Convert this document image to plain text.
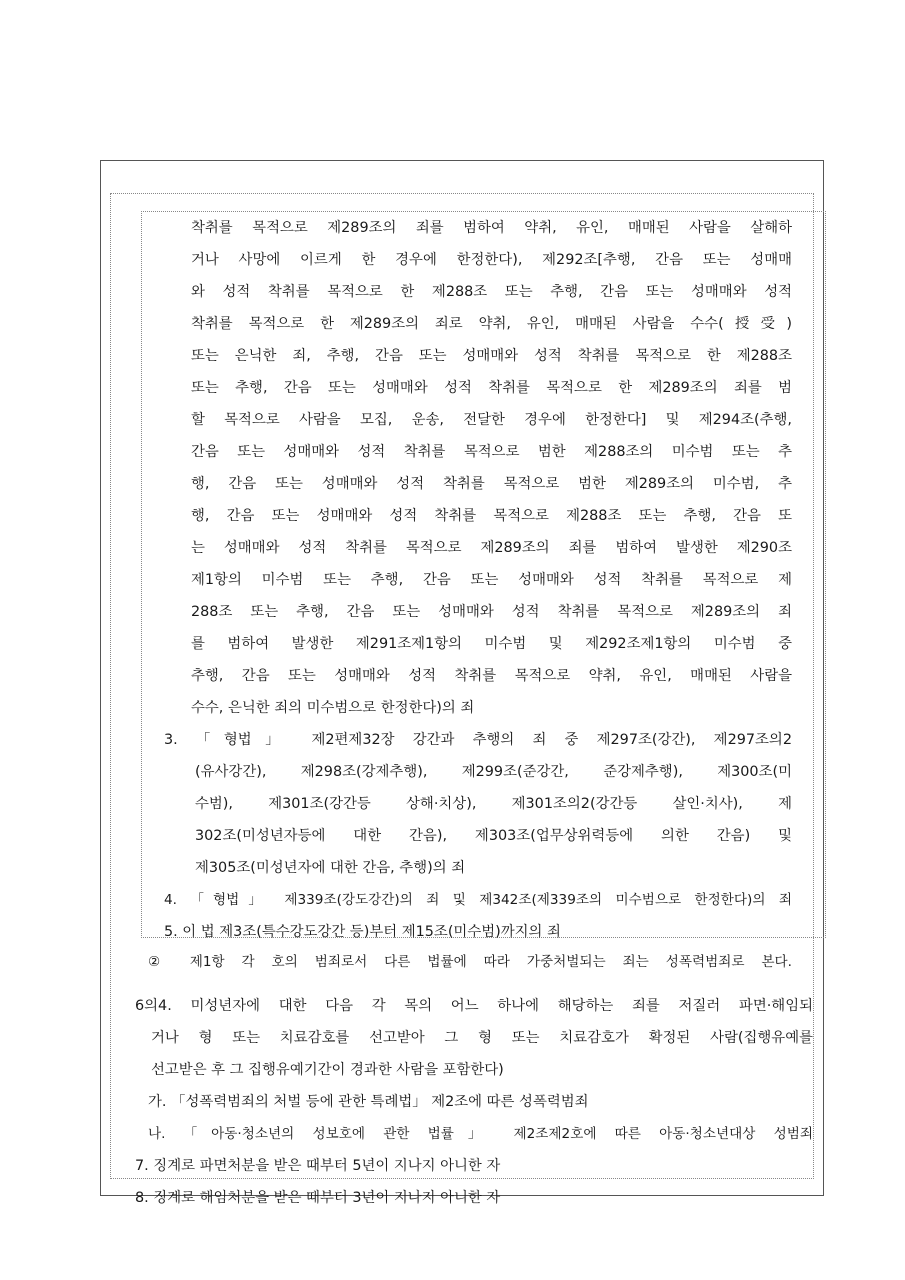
착취를 목적으로 제289조의 죄를 범하여 약취, 유인, 매매된 사람을 살해하
거나 사망에 이르게 한 경우에 한정한다), 제292조[추행, 간음 또는 성매매
와 성적 착취를 목적으로 한 제288조 또는 추행, 간음 또는 성매매와 성적
착취를 목적으로 한 제289조의 죄로 약취, 유인, 매매된 사람을 수수(授受)
또는 은닉한 죄, 추행, 간음 또는 성매매와 성적 착취를 목적으로 한 제288조
또는 추행, 간음 또는 성매매와 성적 착취를 목적으로 한 제289조의 죄를 범
할 목적으로 사람을 모집, 운송, 전달한 경우에 한정한다] 및 제294조(추행,
간음 또는 성매매와 성적 착취를 목적으로 범한 제288조의 미수범 또는 추
행, 간음 또는 성매매와 성적 착취를 목적으로 범한 제289조의 미수범, 추
행, 간음 또는 성매매와 성적 착취를 목적으로 제288조 또는 추행, 간음 또
는 성매매와 성적 착취를 목적으로 제289조의 죄를 범하여 발생한 제290조
제1항의 미수범 또는 추행, 간음 또는 성매매와 성적 착취를 목적으로 제
288조 또는 추행, 간음 또는 성매매와 성적 착취를 목적으로 제289조의 죄
를 범하여 발생한 제291조제1항의 미수범 및 제292조제1항의 미수범 중
추행, 간음 또는 성매매와 성적 착취를 목적으로 약취, 유인, 매매된 사람을
수수, 은닉한 죄의 미수범으로 한정한다)의 죄
3. 「형법」 제2편제32장 강간과 추행의 죄 중 제297조(강간), 제297조의2
(유사강간), 제298조(강제추행), 제299조(준강간, 준강제추행), 제300조(미
수범), 제301조(강간등 상해·치상), 제301조의2(강간등 살인·치사), 제
302조(미성년자등에 대한 간음), 제303조(업무상위력등에 의한 간음) 및
제305조(미성년자에 대한 간음, 추행)의 죄
4. 「형법」 제339조(강도강간)의 죄 및 제342조(제339조의 미수범으로 한정한다)의 죄
5. 이 법 제3조(특수강도강간 등)부터 제15조(미수범)까지의 죄
② 제1항 각 호의 범죄로서 다른 법률에 따라 가중처벌되는 죄는 성폭력범죄로 본다.
6의4. 미성년자에 대한 다음 각 목의 어느 하나에 해당하는 죄를 저질러 파면·해임되
거나 형 또는 치료감호를 선고받아 그 형 또는 치료감호가 확정된 사람(집행유예를
선고받은 후 그 집행유예기간이 경과한 사람을 포함한다)
가. 「성폭력범죄의 처벌 등에 관한 특례법」 제2조에 따른 성폭력범죄
나. 「아동·청소년의 성보호에 관한 법률」 제2조제2호에 따른 아동·청소년대상 성범죄
7. 징계로 파면처분을 받은 때부터 5년이 지나지 아니한 자
8. 징계로 해임처분을 받은 때부터 3년이 지나지 아니한 자
